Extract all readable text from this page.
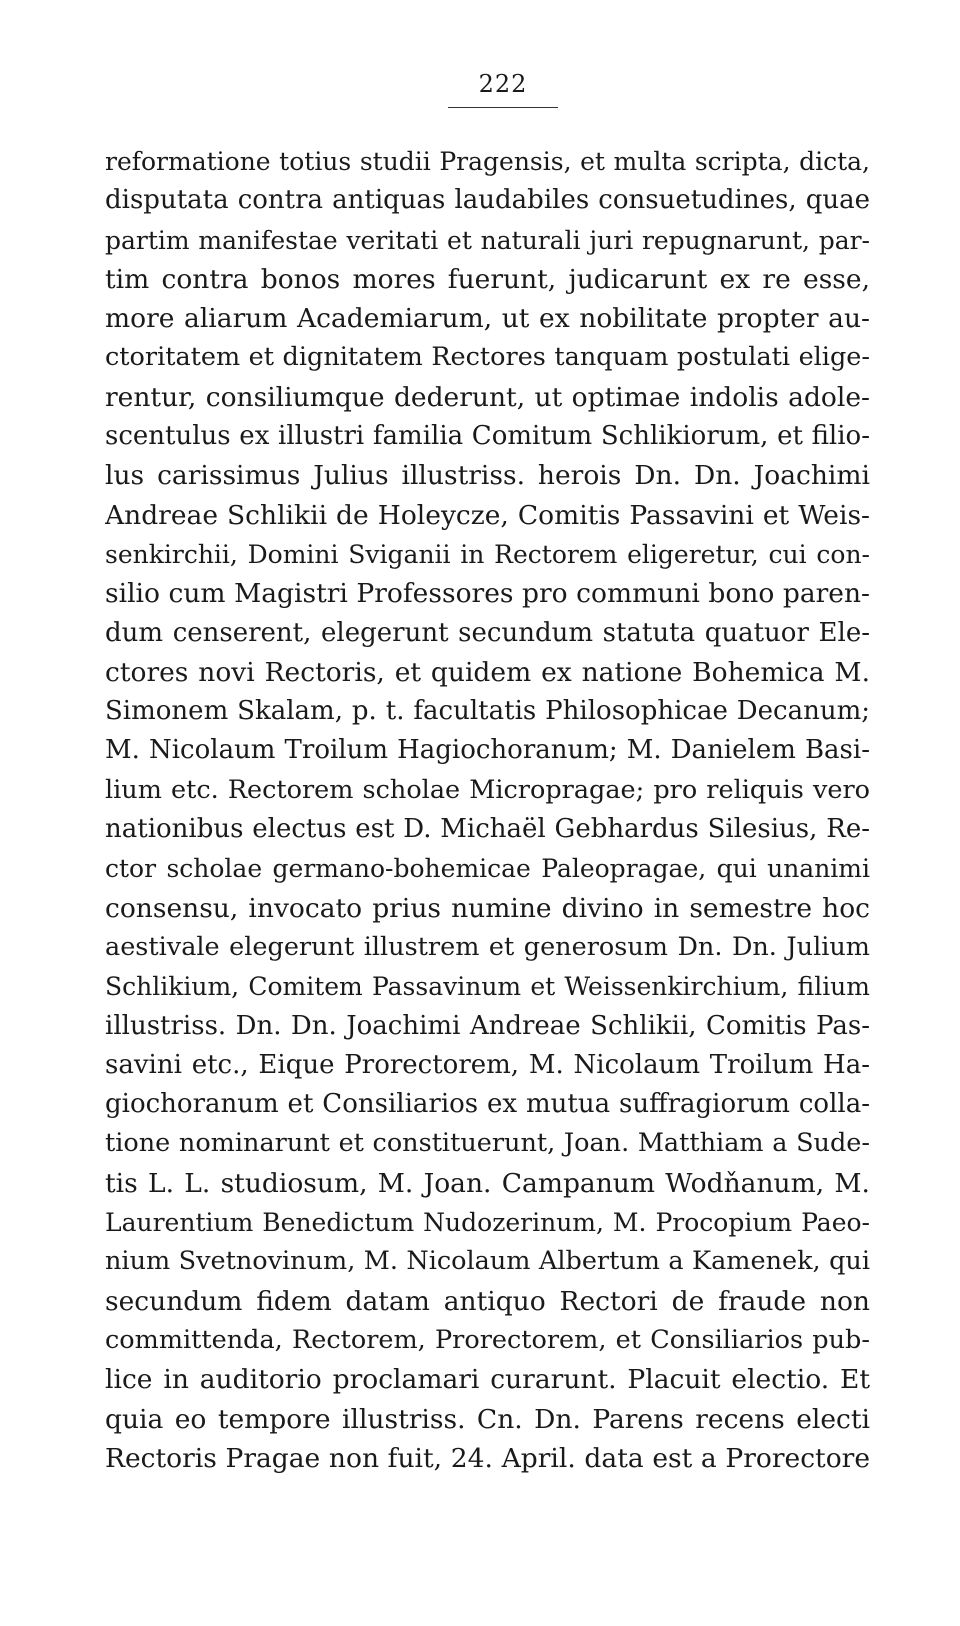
222
reformatione totius studii Pragensis, et multa scripta, dicta,
disputata contra antiquas laudabiles consuetudines, quae
partim manifestae veritati et naturali juri repugnarunt, par-
tim contra bonos mores fuerunt, judicarunt ex re esse,
more aliarum Academiarum, ut ex nobilitate propter au-
ctoritatem et dignitatem Rectores tanquam postulati elige-
rentur, consiliumque dederunt, ut optimae indolis adole-
scentulus ex illustri familia Comitum Schlikiorum, et filio-
lus carissimus Julius illustriss. herois Dn. Dn. Joachimi
Andreae Schlikii de Holeycze, Comitis Passavini et Weis-
senkirchii, Domini Sviganii in Rectorem eligeretur, cui con-
silio cum Magistri Professores pro communi bono paren-
dum censerent, elegerunt secundum statuta quatuor Ele-
ctores novi Rectoris, et quidem ex natione Bohemica M.
Simonem Skalam, p. t. facultatis Philosophicae Decanum;
M. Nicolaum Troilum Hagiochoranum; M. Danielem Basi-
lium etc. Rectorem scholae Micropragae; pro reliquis vero
nationibus electus est D. Michaël Gebhardus Silesius, Re-
ctor scholae germano-bohemicae Paleopragae, qui unanimi
consensu, invocato prius numine divino in semestre hoc
aestivale elegerunt illustrem et generosum Dn. Dn. Julium
Schlikium, Comitem Passavinum et Weissenkirchium, filium
illustriss. Dn. Dn. Joachimi Andreae Schlikii, Comitis Pas-
savini etc., Eique Prorectorem, M. Nicolaum Troilum Ha-
giochoranum et Consiliarios ex mutua suffragiorum colla-
tione nominarunt et constituerunt, Joan. Matthiam a Sude-
tis L. L. studiosum, M. Joan. Campanum Wodňanum, M.
Laurentium Benedictum Nudozerinum, M. Procopium Paeo-
nium Svetnovinum, M. Nicolaum Albertum a Kamenek, qui
secundum fidem datam antiquo Rectori de fraude non
committenda, Rectorem, Prorectorem, et Consiliarios pub-
lice in auditorio proclamari curarunt. Placuit electio. Et
quia eo tempore illustriss. Cn. Dn. Parens recens electi
Rectoris Pragae non fuit, 24. April. data est a Prorectore
